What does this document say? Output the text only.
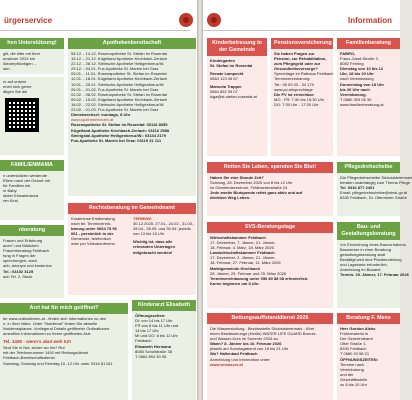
ürgerservice
hen Unterstützung!
gilt, die bitte mit Ihrer
ensteuer 2024 ein
ßteuerpflichtigen ...
sen.
m auf unsere
enen sich gerne
ätigen Sie die
FAMILIENMAMA
n unterstützen werdende
Eltern nach der Geburt mit
für Familien mit
m Baby.
idoter Einsatzhanza
ren Kind
nberatung
Frauen und Erfahrung
auen" und Mädchen
Frauenberatung Feldbach
tung in Fragen der
sprechungen, auch
ach, anonym und kostenlos
Tel.: 03152 3125
ach Tel. 2. Stock
Apothekenbereitschaft
08.12. - 14.12. Rosenapotheke St. Stefan im Rosental
15.12. - 21.12. Kügelland Apotheke Kirchbach-Zerlach
22.12. - 28.12. Steirische Apotheke Heiligenkreuz/W.
29.12. - 04.01. Fux-Apotheke St. Marein bei Graz
05.01. - 11.01. Rosenapotheke St. Stefan im Rosental
12.01. - 18.01. Kügelland Apotheke Kirchbach-Zerlach
19.01. - 25.01. Steirische Apotheke Heiligenkreuz/W.
26.01. - 01.02. Fux-Apotheke St. Marein bei Graz
02.02. - 08.02. Rosenapotheke St. Stefan im Rosental
09.02. - 15.02. Kügelland Apotheke Kirchbach-Zerlach
16.02. - 22.02. Steirische Apotheke Heiligenkreuz/W.
23.02. - 01.03. Fux-Apotheke St. Marein bei Graz
Dienstwechsel: montags, 8 Uhr
www.apothekenindex.at
Rosenapotheke St. Stefan im Rosental: 03116 8355
Kügelland Apotheke Kirchbach-Zerlach: 03116 2588
Steirigstal Apotheke Heiligenkreuz/W.: 03134 2179
Fux-Apotheke St. Marein bei Graz: 03119 31 111
Rechtsberatung im Gemeindeamt
Kostenlose Erstberatung
nach tel. Terminverein-
barung unter 0664 75 96
061 - persönlich in der
Gemeinde, telefonisch
oder per Videokonferenz.
TERMINE:
30.12.2025, 27.01., 24.02., 31.03.,
28.04., 26.05. und 30.06. jeweils
von 13 bis 15 Uhr
Wichtig ist, dass alle relevanten Unterlagen mitgebracht werden!
Arzt hat für mich geöffnet?
ter www.ordinationen.at - finden sich Informationen zu den
n, in Ihrer Nähe. Unter "Notdienst" finden Sie aktuelle
Notdienstplanes. Vorliegend Details geöffneter Ordinationen.
amentlich Informationen zu Ihrem geöffneten Arzt.
Tel. 1450 - wenn's akut weh tut!
Sind Sie in Not, sicher wo hin? Ruf
mit der Telefonnummer 1450 mit Rettungsdienst
Feldbach-Bereitschaftsdienst.
Samstag, Sonntag und Feiertag 10 -12 Uhr unter 0316 81 811
Kinderarzt Elisabeth
Öffnungszeiten:
DI: von 14 bis 17 Uhr
FR von 8 bis 11 Uhr und
14 bis 17 Uhr
MI und DO: 8 bis 11 Uhr
Feldbach
Elisabeth Hermann
8083 Schulstraße 38
T 0664 894 30 55
Information
Kinderbetreuung in der Gemeinde
Kindergarten
St. Stefan im Rosental
Renate Lampecht
0664 123 45 67
Manuela Trapper
0664 852 39 07
kiga@st-stefan-rosental.at
Pensionsversicherung
Sie haben Fragen zur
Pension, zur Rehabilitation,
zum Pflegegeld oder zur
Gesundheitsvorsorge?
Sprechtage im Rathaus Feldbach
Terminvereinbarung:
Tel.: 05 03 03 - 34 179
www.pv.at/sprechtage
Die PV ist erreichbar:
MO - FR: 7:30 bis 15:30 Uhr
DO: 7:30 Uhr - 17:30 Uhr
Familienberatung
FABRO,
Franz-Josef-Straße 3
8082 Fehring
Dienstag von 10 bis 12
Uhr, 18 bis 20 Uhr
nach Vereinbarung
Donnerstag von 18 Uhr
bis 20 Uhr nach
Vereinbarung.
T 0680 303 08 30
www.familienberatung.at
Retten Sie Leben, spenden Sie Blut!
Haben Sie eine Stunde Zeit?
Sonntag, 28. Dezember 2025 von 8 bis 12 Uhr
im Gemeindezentrum, Feldbacherstraße 24
Jede zweite Blutspende rettet ganz aktiv und auf
direktem Weg Leben.
Pflegedrehscheibe
Die Pflegedrehscheibe Südoststeiermark
beraten unabhängig zum Thema Pflege
Tel. 0316 877 2401
Email: pflegedrehscheibe@stmk.gv.at
8330 Feldbach, Dr. Ottenhofer Straße
SVS-Beratungstage
Wirtschaftskammer Feldbach
17. Dezember, 7. Jänner, 21. Jänner,
18. Februar, 4. März, 18. März 2026
Landwirtschaftskammer Feldbach
17. Dezember, 2. Jänner, 21. Jänner,
18. Februar, 27. Februar, 11. März 2026
Marktgemeinde Kirchbach
28. Jänner, 25. Februar und 25. März 2026
Terminvereinbarung unter 050 80 88 08 erforderlich.
Kurse beginnen um 8 Uhr.
Bau- und Gestaltungsberatung
Vor Einreichung eines Bauvorhabens
Bauwerber in einer Beratung
gestaltungsberatung statt
Bestätigt wird eine Planbeurteilung
und Lagekarte erforderlich.
Anmeldung im Bauamt.
Termin: 20. Jänner, 17. Februar 2026
Bettungsauffstanddienst 2026
Die Wasserstollung - Bezirksstelle Südoststeiermark - führt
einen Bewässerungs (Heiße) WATER LIFE GUARD Bronze-
und Wasser-Kurs im Sommer 2026 an.
Wann? 8. Jänner bis 10. Februar 2026
jeweils am Sonntagabend von 18 bis 21 Uhr
Wo? Hallenbad Feldbach
Anmeldung und Information unter:
www.wrwasser.at
Beratung F. Mens
Herr Gordon Aleks
Frühberaterin in
Der Gemeindeamt
Otter Straße 1,
8330 Feldbach
T 0680 20 58 21
ÖFFNUNGSZEITEN:
Termine nach
Vereinbarung
und der
Geschäftsstelle
zu 8 bis 10 Uhr
